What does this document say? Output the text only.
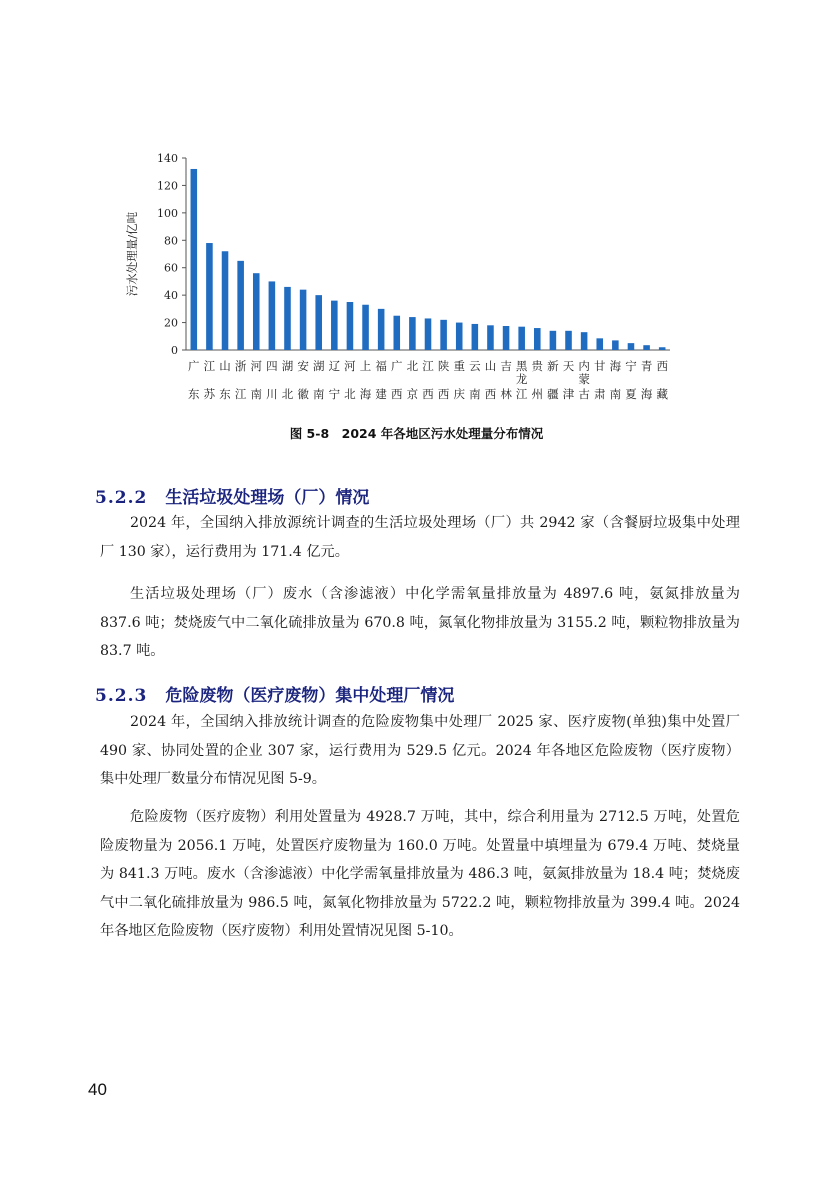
0
20
40
60
80
100
120
140
污水处理量/亿吨
广东
江苏
山东
浙江
河南
四川
湖北
安徽
湖南
辽宁
河北
上海
福建
广西
北京
江西
陕西
重庆
云南
山西
吉林
黑龙江
贵州
新疆
天津
内蒙古
甘肃
海南
宁夏
青海
西藏
图 5-8　2024 年各地区污水处理量分布情况
5.2.2 生活垃圾处理场（厂）情况

2024 年，全国纳入排放源统计调查的生活垃圾处理场（厂）共 2942 家（含餐厨垃圾集中处理厂 130 家），运行费用为 171.4 亿元。

生活垃圾处理场（厂）废水（含渗滤液）中化学需氧量排放量为 4897.6 吨，氨氮排放量为 837.6 吨；焚烧废气中二氧化硫排放量为 670.8 吨，氮氧化物排放量为 3155.2 吨，颗粒物排放量为 83.7 吨。

5.2.3 危险废物（医疗废物）集中处理厂情况

2024 年，全国纳入排放统计调查的危险废物集中处理厂 2025 家、医疗废物(单独)集中处置厂 490 家、协同处置的企业 307 家，运行费用为 529.5 亿元。2024 年各地区危险废物（医疗废物）集中处理厂数量分布情况见图 5-9。

危险废物（医疗废物）利用处置量为 4928.7 万吨，其中，综合利用量为 2712.5 万吨，处置危险废物量为 2056.1 万吨，处置医疗废物量为 160.0 万吨。处置量中填埋量为 679.4 万吨、焚烧量为 841.3 万吨。废水（含渗滤液）中化学需氧量排放量为 486.3 吨，氨氮排放量为 18.4 吨；焚烧废气中二氧化硫排放量为 986.5 吨，氮氧化物排放量为 5722.2 吨，颗粒物排放量为 399.4 吨。2024 年各地区危险废物（医疗废物）利用处置情况见图 5-10。

40
